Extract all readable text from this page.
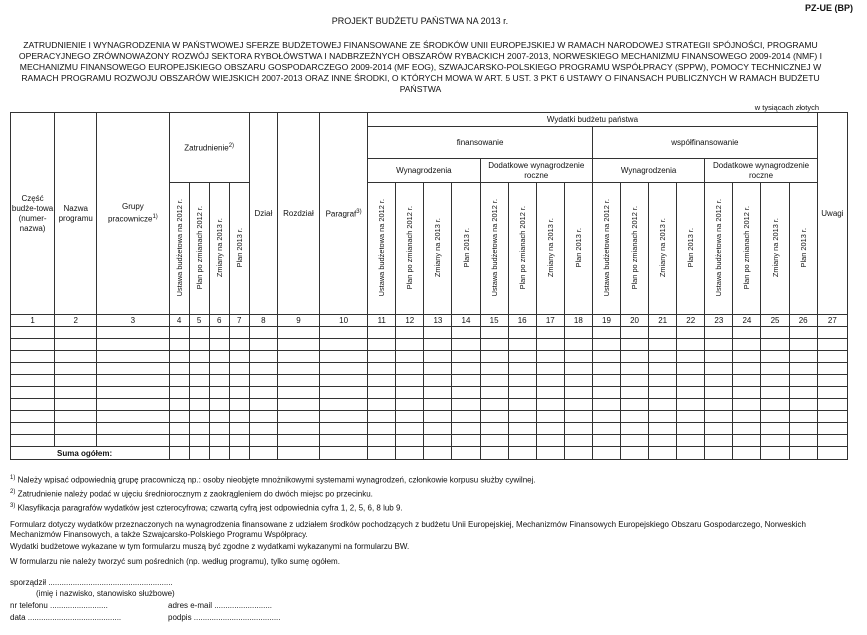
PZ-UE (BP)
PROJEKT BUDŻETU PAŃSTWA NA 2013 r.
ZATRUDNIENIE I WYNAGRODZENIA W PAŃSTWOWEJ SFERZE BUDŻETOWEJ FINANSOWANE ZE ŚRODKÓW UNII EUROPEJSKIEJ W RAMACH NARODOWEJ STRATEGII SPÓJNOŚCI, PROGRAMU OPERACYJNEGO ZRÓWNOWAŻONY ROZWÓJ SEKTORA RYBOŁÓWSTWA I NADBRZEŻNYCH OBSZARÓW RYBACKICH 2007-2013, NORWESKIEGO MECHANIZMU FINANSOWEGO 2009-2014 (NMF) I MECHANIZMU FINANSOWEGO EUROPEJSKIEGO OBSZARU GOSPODARCZEGO 2009-2014 (MF EOG), SZWAJCARSKO-POLSKIEGO PROGRAMU WSPÓŁPRACY (SPPW), POMOCY TECHNICZNEJ W RAMACH PROGRAMU ROZWOJU OBSZARÓW WIEJSKICH 2007-2013 ORAZ INNE ŚRODKI, O KTÓRYCH MOWA W ART. 5 UST. 3 PKT 6 USTAWY O FINANSACH PUBLICZNYCH W RAMACH BUDŻETU PAŃSTWA
w tysiącach złotych
Część budże-towa (numer-nazwa)	Nazwa programu	Grupy pracownicze$^{1)}$	Zatrudnienie$^{2)}$				Dział	Rozdział	Paragraf$^{3)}$	Wydatki budżetu państwa																Uwagi
										finansowanie								współfinansowanie								
										Wynagrodzenia				Dodatkowe wynagrodzenie roczne				Wynagrodzenia				Dodatkowe wynagrodzenie roczne				
			Ustawa budżetowa na 2012 r.	Plan po zmianach 2012 r.	Zmiany na 2013 r.	Plan 2013 r.				Ustawa budżetowa na 2012 r.	Plan po zmianach 2012 r.	Zmiany na 2013 r.	Plan 2013 r.	Ustawa budżetowa na 2012 r.	Plan po zmianach 2012 r.	Zmiany na 2013 r.	Plan 2013 r.	Ustawa budżetowa na 2012 r.	Plan po zmianach 2012 r.	Zmiany na 2013 r.	Plan 2013 r.	Ustawa budżetowa na 2012 r.	Plan po zmianach 2012 r.	Zmiany na 2013 r.	Plan 2013 r.	

1	2	3	4	5	6	7	8	9	10	11	12	13	14	15	16	17	18	19	20	21	22	23	24	25	26	27

Suma ogółem:																										
$^{1)}$ Należy wpisać odpowiednią grupę pracowniczą np.: osoby nieobjęte mnożnikowymi systemami wynagrodzeń, członkowie korpusu służby cywilnej.
$^{2)}$ Zatrudnienie należy podać w ujęciu średniorocznym z zaokrągleniem do dwóch miejsc po przecinku.
$^{3)}$ Klasyfikacja paragrafów wydatków jest czterocyfrowa; czwartą cyfrą jest odpowiednia cyfra 1, 2, 5, 6, 8 lub 9.
Formularz dotyczy wydatków przeznaczonych na wynagrodzenia finansowane z udziałem środków pochodzących z budżetu Unii Europejskiej, Mechanizmów Finansowych Europejskiego Obszaru Gospodarczego, Norweskich Mechanizmów Finansowych, a także Szwajcarsko-Polskiego Programu Współpracy.
Wydatki budżetowe wykazane w tym formularzu muszą być zgodne z wydatkami wykazanymi na formularzu BW.
W formularzu nie należy tworzyć sum pośrednich (np. według programu), tylko sumę ogółem.
sporządził ........................................................
(imię i nazwisko, stanowisko służbowe)
nr telefonu ..........................	adres e-mail ..........................
data ..........................................	podpis .......................................
